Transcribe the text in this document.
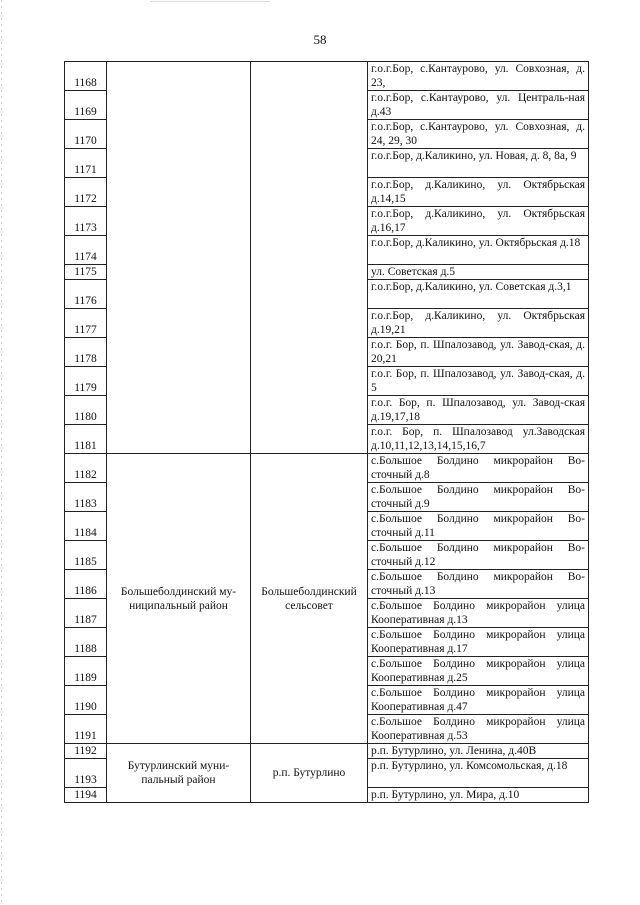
58
1168			г.о.г.Бор, с.Кантаурово, ул. Совхозная, д. 23,
1169			г.о.г.Бор, с.Кантаурово, ул. Централь-ная д.43
1170			г.о.г.Бор, с.Кантаурово, ул. Совхозная, д. 24, 29, 30
1171			г.о.г.Бор, д.Каликино, ул. Новая, д. 8, 8а, 9
1172			г.о.г.Бор, д.Каликино, ул. Октябрьская д.14,15
1173			г.о.г.Бор, д.Каликино, ул. Октябрьская д.16,17
1174			г.о.г.Бор, д.Каликино, ул. Октябрьская д.18
1175			ул. Советская д.5
1176			г.о.г.Бор, д.Каликино, ул. Советская д.3,1
1177			г.о.г.Бор, д.Каликино, ул. Октябрьская д.19,21
1178			г.о.г. Бор, п. Шпалозавод, ул. Завод-ская, д. 20,21
1179			г.о.г. Бор, п. Шпалозавод, ул. Завод-ская, д. 5
1180			г.о.г. Бор, п. Шпалозавод, ул. Завод-ская д.19,17,18
1181			г.о.г. Бор, п. Шпалозавод ул.Заводская д.10,11,12,13,14,15,16,7
1182	Большеболдинский му-ниципальный район	Большеболдинский сельсовет	с.Большое Болдино микрорайон Во-сточный д.8
1183			с.Большое Болдино микрорайон Во-сточный д.9
1184			с.Большое Болдино микрорайон Во-сточный д.11
1185			с.Большое Болдино микрорайон Во-сточный д.12
1186			с.Большое Болдино микрорайон Во-сточный д.13
1187			с.Большое Болдино микрорайон улица Кооперативная д.13
1188			с.Большое Болдино микрорайон улица Кооперативная д.17
1189			с.Большое Болдино микрорайон улица Кооперативная д.25
1190			с.Большое Болдино микрорайон улица Кооперативная д.47
1191			с.Большое Болдино микрорайон улица Кооперативная д.53
1192	Бутурлинский муни-пальный район	р.п. Бутурлино	р.п. Бутурлино, ул. Ленина, д.40В
1193			р.п. Бутурлино, ул. Комсомольская, д.18
1194			р.п. Бутурлино, ул. Мира, д.10
